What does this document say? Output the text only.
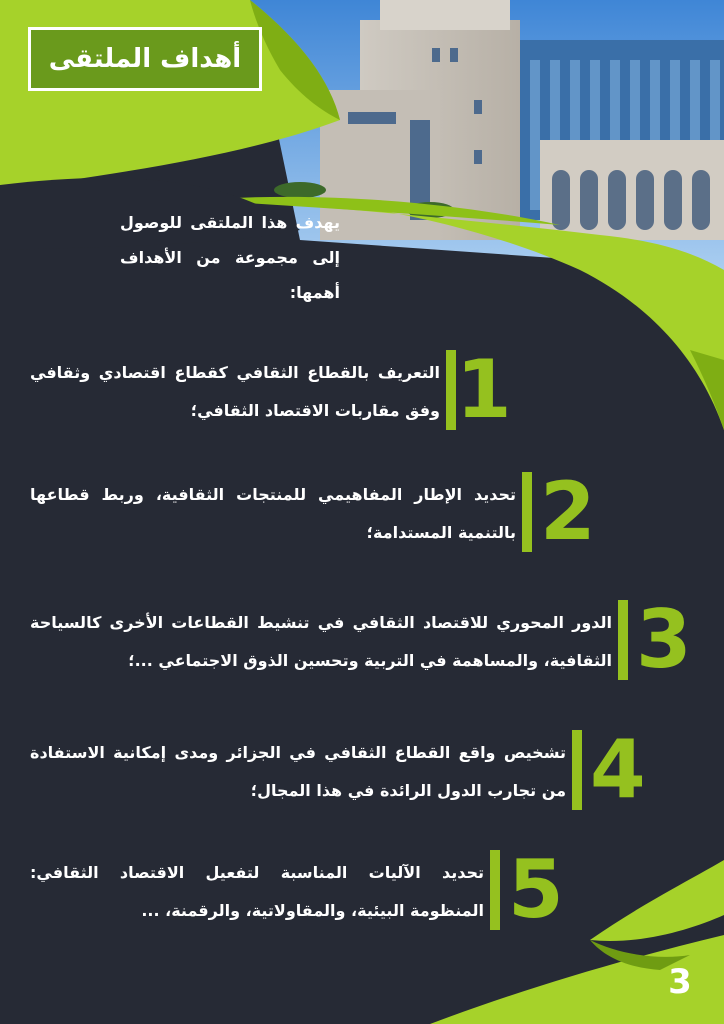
أهداف الملتقى
يهدف هذا الملتقى للوصول إلى مجموعة من الأهداف أهمها:
1
التعريف بالقطاع الثقافي كقطاع اقتصادي وثقافي وفق مقاربات الاقتصاد الثقافي؛
2
تحديد الإطار المفاهيمي للمنتجات الثقافية، وربط قطاعها بالتنمية المستدامة؛
3
الدور المحوري للاقتصاد الثقافي في تنشيط القطاعات الأخرى كالسياحة الثقافية، والمساهمة في التربية وتحسين الذوق الاجتماعي ...؛
4
تشخيص واقع القطاع الثقافي في الجزائر ومدى إمكانية الاستفادة من تجارب الدول الرائدة في هذا المجال؛
5
تحديد الآليات المناسبة لتفعيل الاقتصاد الثقافي: المنظومة البيئية، والمقاولاتية، والرقمنة، ...
3
